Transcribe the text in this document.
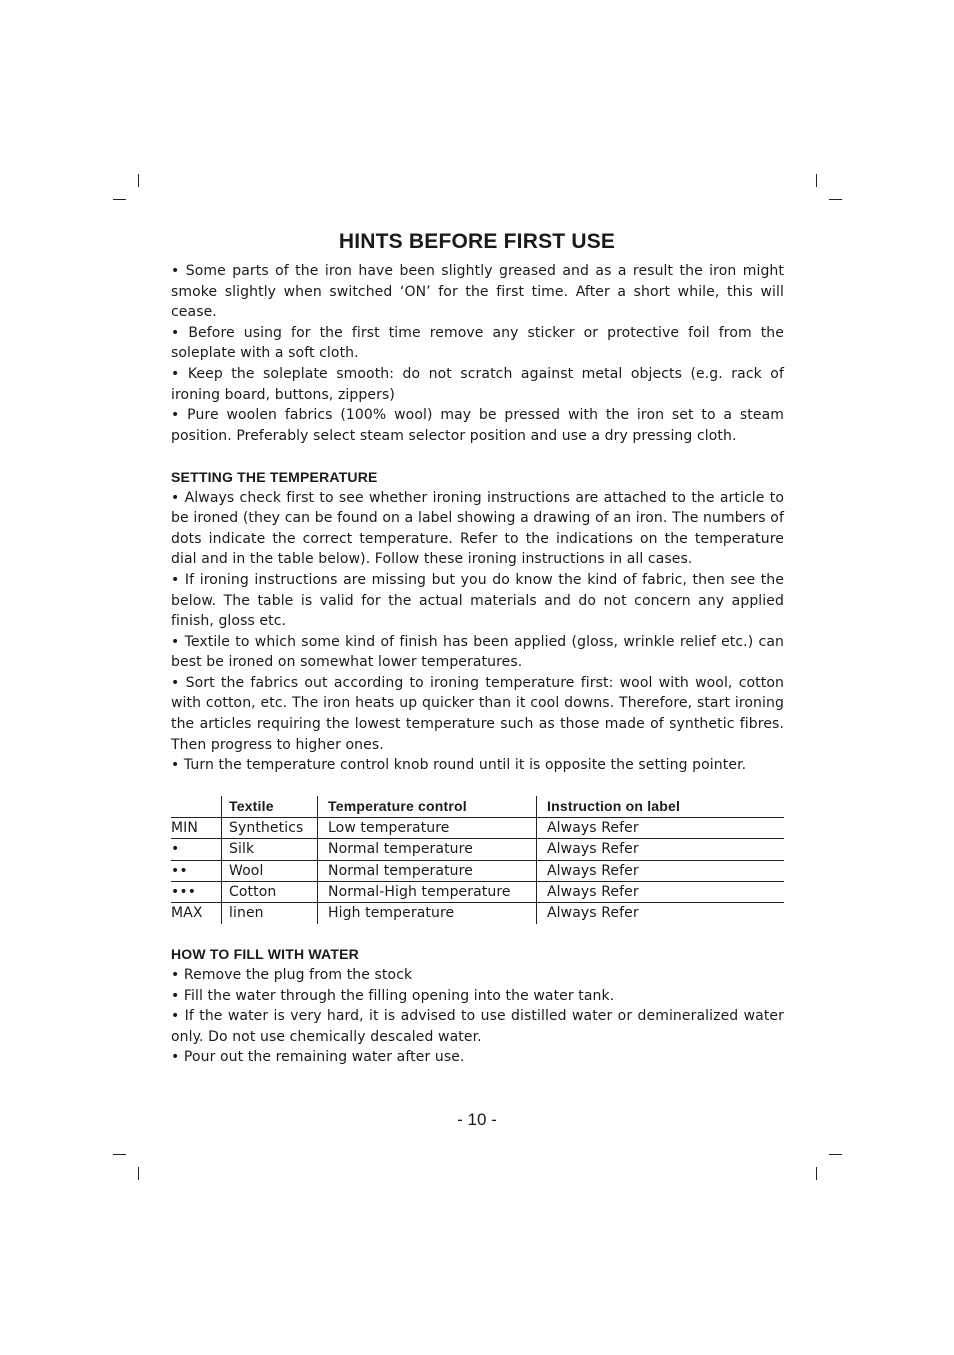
HINTS BEFORE FIRST USE

• Some parts of the iron have been slightly greased and as a result the iron might smoke slightly when switched ‘ON’ for the first time. After a short while, this will cease.

• Before using for the first time remove any sticker or protective foil from the soleplate with a soft cloth.

• Keep the soleplate smooth: do not scratch against metal objects (e.g. rack of ironing board, buttons, zippers)

• Pure woolen fabrics (100% wool) may be pressed with the iron set to a steam position. Preferably select steam selector position and use a dry pressing cloth.

SETTING THE TEMPERATURE

• Always check first to see whether ironing instructions are attached to the article to be ironed (they can be found on a label showing a drawing of an iron. The numbers of dots indicate the correct temperature. Refer to the indications on the temperature dial and in the table below). Follow these ironing instructions in all cases.

• If ironing instructions are missing but you do know the kind of fabric, then see the below. The table is valid for the actual materials and do not concern any applied finish, gloss etc.

• Textile to which some kind of finish has been applied (gloss, wrinkle relief etc.) can best be ironed on somewhat lower temperatures.

• Sort the fabrics out according to ironing temperature first: wool with wool, cotton with cotton, etc. The iron heats up quicker than it cool downs. Therefore, start ironing the articles requiring the lowest temperature such as those made of synthetic fibres. Then progress to higher ones.

• Turn the temperature control knob round until it is opposite the setting pointer.

	Textile	Temperature control	Instruction on label
MIN	Synthetics	Low temperature	Always Refer
•	Silk	Normal temperature	Always Refer
••	Wool	Normal temperature	Always Refer
•••	Cotton	Normal-High temperature	Always Refer
MAX	linen	High temperature	Always Refer
HOW TO FILL WITH WATER

• Remove the plug from the stock

• Fill the water through the filling opening into the water tank.

• If the water is very hard, it is advised to use distilled water or demineralized water only. Do not use chemically descaled water.

• Pour out the remaining water after use.

- 10 -
